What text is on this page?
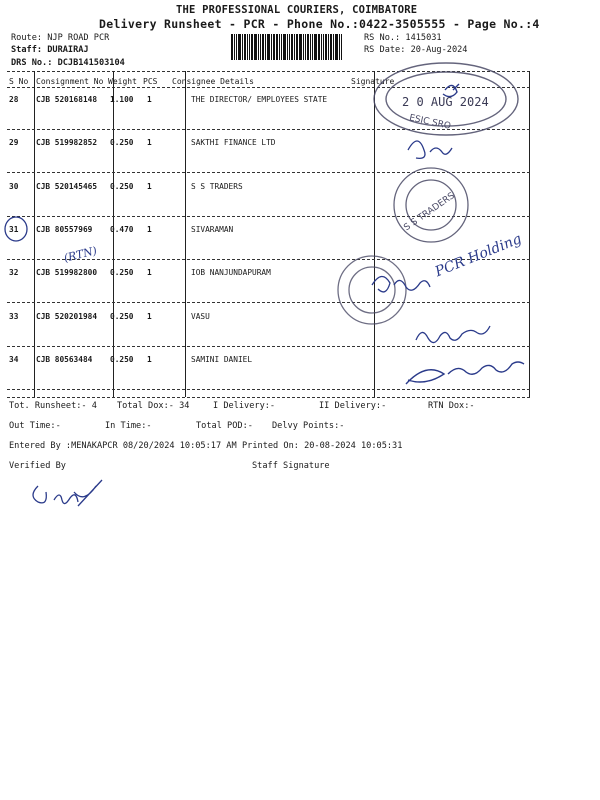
THE PROFESSIONAL COURIERS, COIMBATORE
Delivery Runsheet - PCR - Phone No.:0422-3505555 - Page No.:4
Route: NJP ROAD PCR
Staff: DURAIRAJ
DRS No.: DCJB141503104
RS No.: 1415031
RS Date: 20-Aug-2024
S No Consignment No Weight PCS Consignee Details	Signature
28 CJB 520168148 1.100 1	THE DIRECTOR/ EMPLOYEES STATE
29 CJB 519982852 0.250 1	SAKTHI FINANCE LTD
30 CJB 520145465 0.250 1	S S TRADERS
31 CJB 80557969 0.470 1	SIVARAMAN
32 CJB 519982800 0.250 1	IOB NANJUNDAPURAM
33 CJB 520201984 0.250 1	VASU
34 CJB 80563484 0.250 1	SAMINI DANIEL
Tot. Runsheet:- 4 Total Dox:- 34	I Delivery:-	II Delivery:-	RTN Dox:-
Out Time:-	In Time:-	Total POD:- Delvy Points:-
Entered By :MENAKAPCR 08/20/2024 10:05:17 AM Printed On: 20-08-2024 10:05:31
Verified By	Staff Signature
ESIC SRO
2 0 AUG 2024
S S TRADERS
PCR Holding
(RTN)
